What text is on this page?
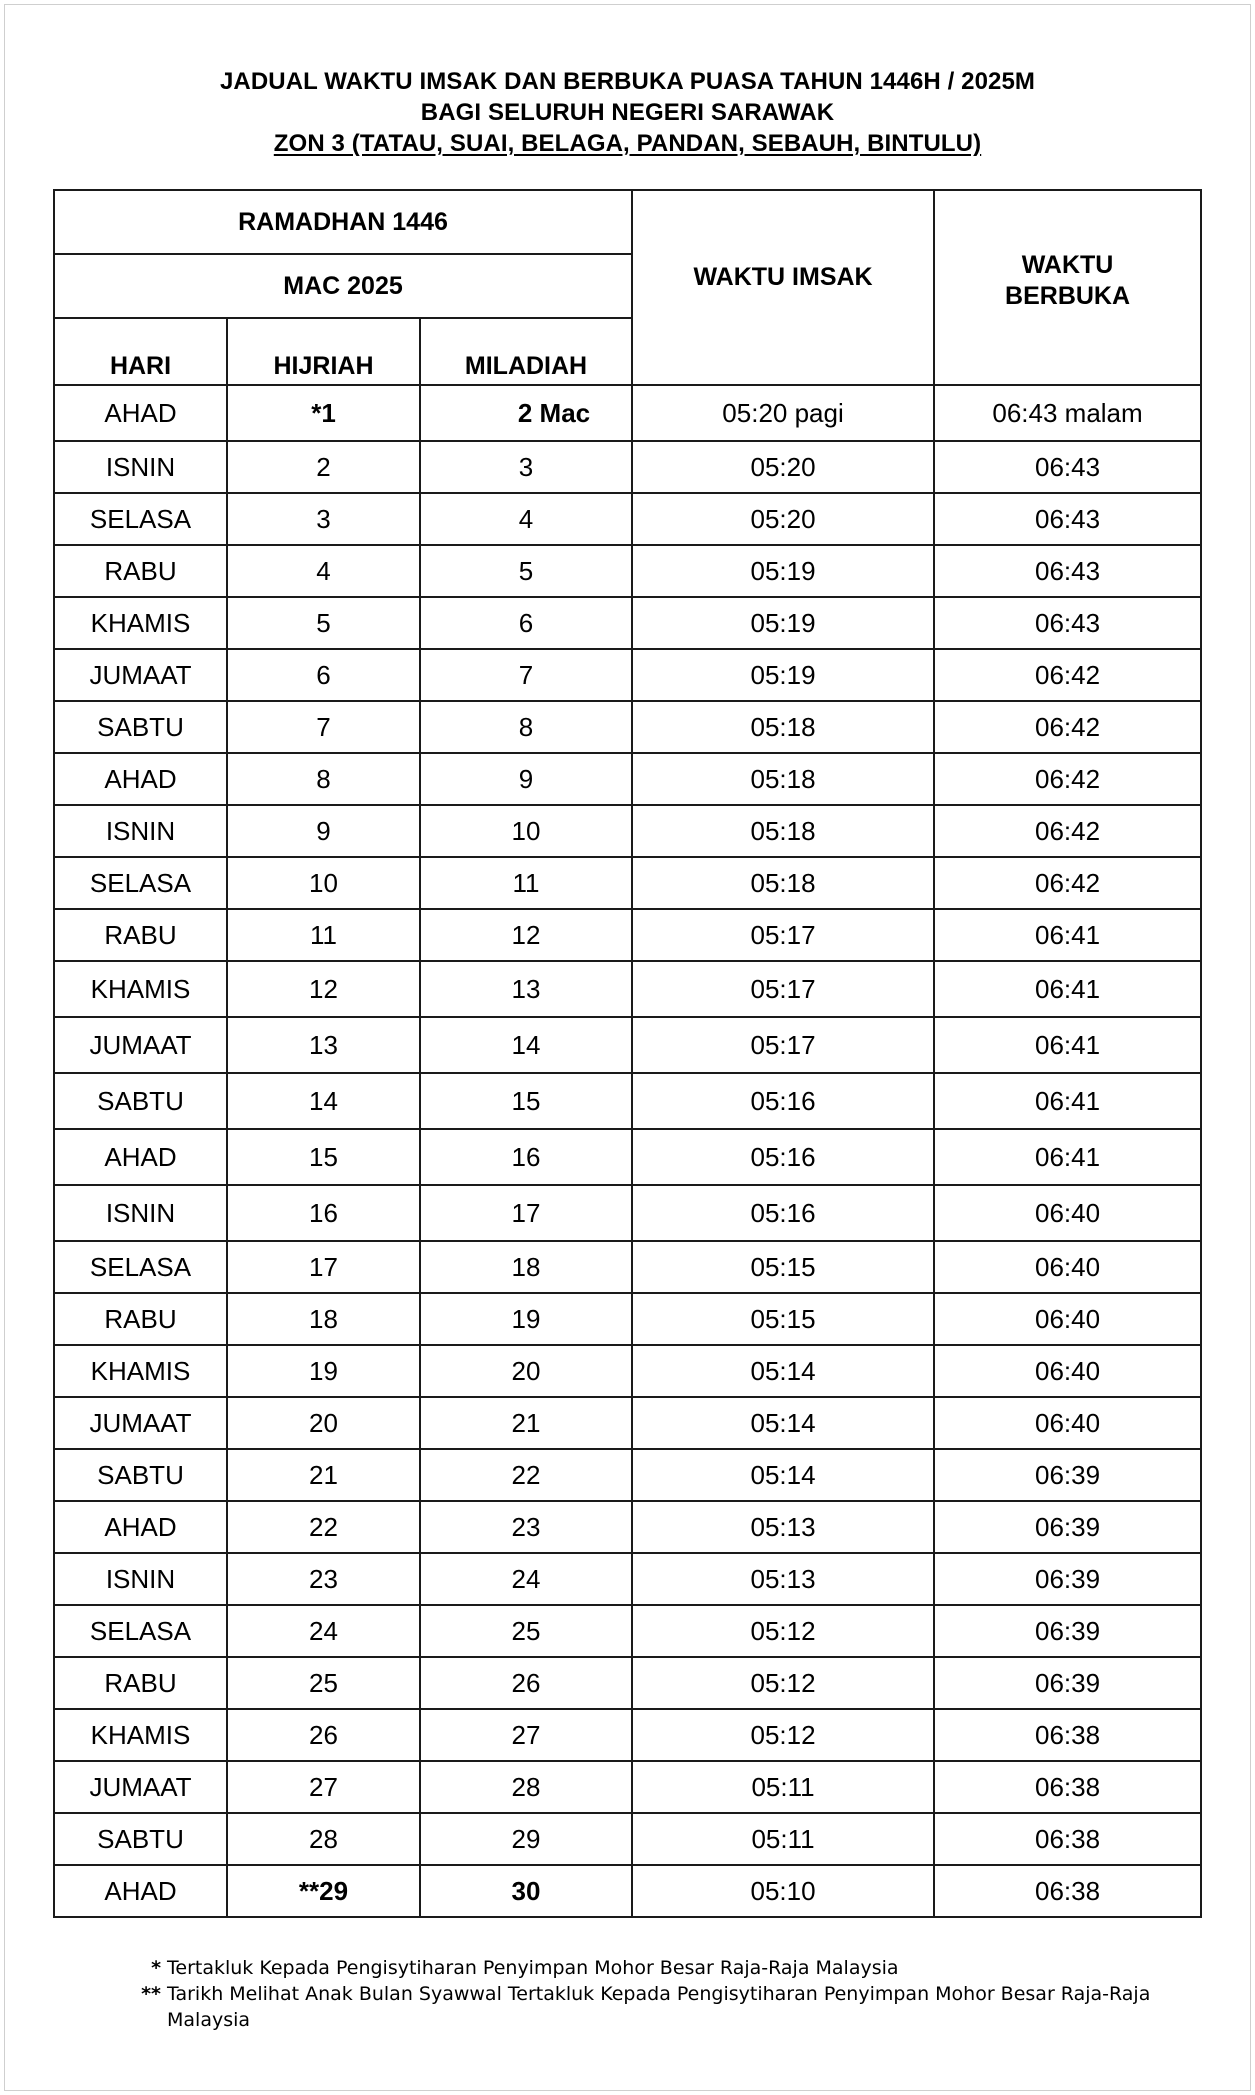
JADUAL WAKTU IMSAK DAN BERBUKA PUASA TAHUN 1446H / 2025M
BAGI SELURUH NEGERI SARAWAK
ZON 3 (TATAU, SUAI, BELAGA, PANDAN, SEBAUH, BINTULU)
RAMADHAN 1446			WAKTU IMSAK	WAKTU
BERBUKA
MAC 2025				
HARI	HIJRIAH	MILADIAH		
AHAD	*1	2 Mac	05:20 pagi	06:43 malam
ISNIN	2	3	05:20	06:43
SELASA	3	4	05:20	06:43
RABU	4	5	05:19	06:43
KHAMIS	5	6	05:19	06:43
JUMAAT	6	7	05:19	06:42
SABTU	7	8	05:18	06:42
AHAD	8	9	05:18	06:42
ISNIN	9	10	05:18	06:42
SELASA	10	11	05:18	06:42
RABU	11	12	05:17	06:41
KHAMIS	12	13	05:17	06:41
JUMAAT	13	14	05:17	06:41
SABTU	14	15	05:16	06:41
AHAD	15	16	05:16	06:41
ISNIN	16	17	05:16	06:40
SELASA	17	18	05:15	06:40
RABU	18	19	05:15	06:40
KHAMIS	19	20	05:14	06:40
JUMAAT	20	21	05:14	06:40
SABTU	21	22	05:14	06:39
AHAD	22	23	05:13	06:39
ISNIN	23	24	05:13	06:39
SELASA	24	25	05:12	06:39
RABU	25	26	05:12	06:39
KHAMIS	26	27	05:12	06:38
JUMAAT	27	28	05:11	06:38
SABTU	28	29	05:11	06:38
AHAD	**29	30	05:10	06:38
* Tertakluk Kepada Pengisytiharan Penyimpan Mohor Besar Raja-Raja Malaysia
** Tarikh Melihat Anak Bulan Syawwal Tertakluk Kepada Pengisytiharan Penyimpan Mohor Besar Raja-Raja Malaysia
